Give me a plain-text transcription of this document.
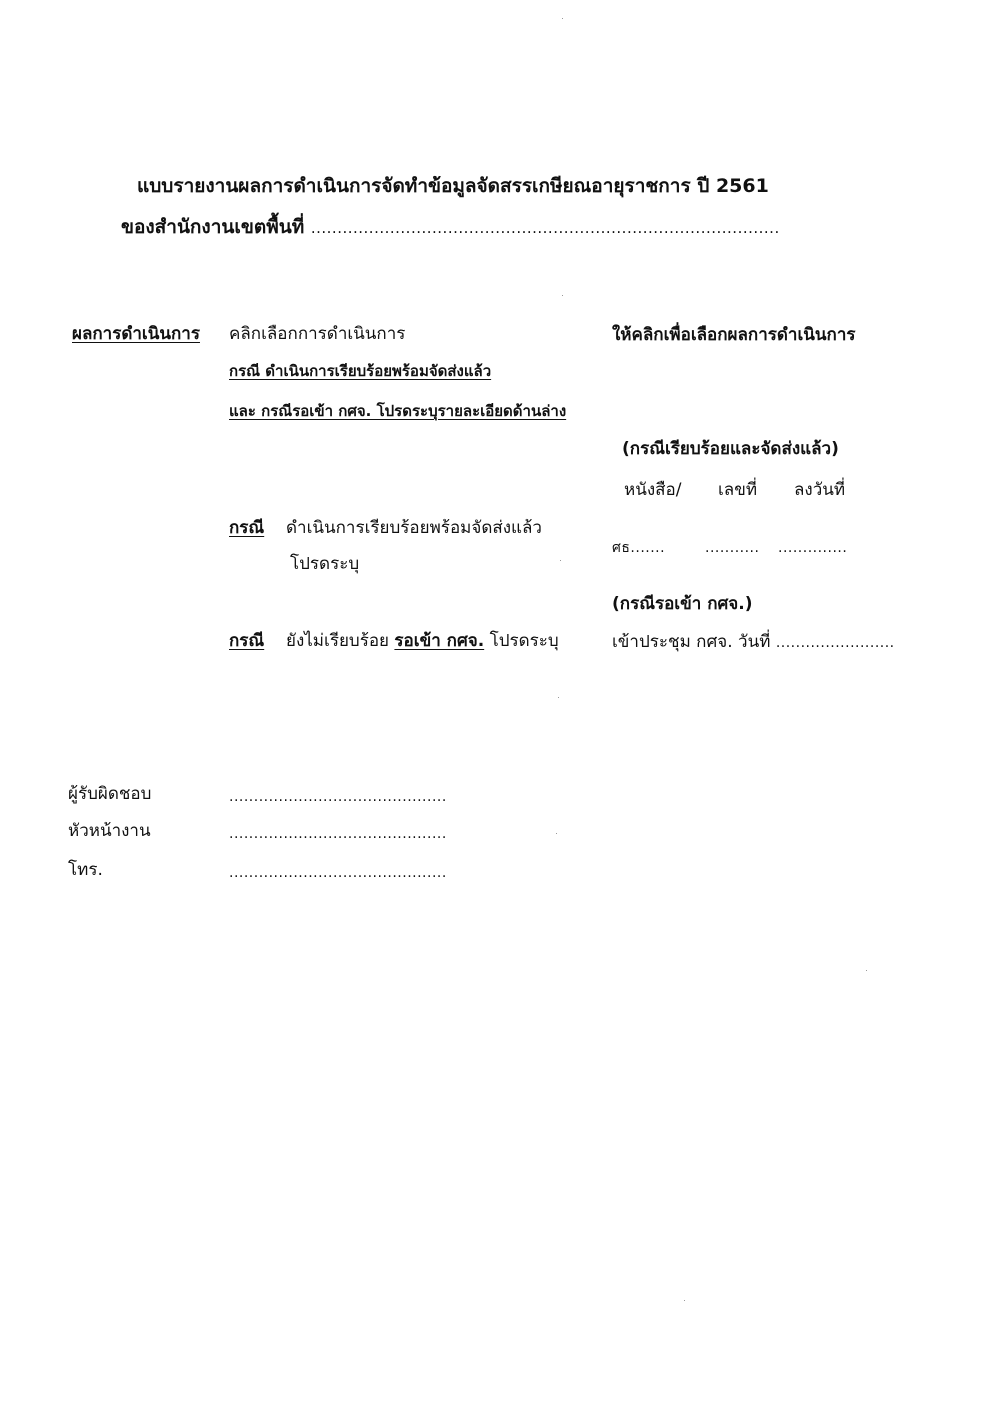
แบบรายงานผลการดำเนินการจัดทำข้อมูลจัดสรรเกษียณอายุราชการ ปี 2561
ของสำนักงานเขตพื้นที่ .........................................................................................
ผลการดำเนินการ คลิกเลือกการดำเนินการ	ให้คลิกเพื่อเลือกผลการดำเนินการ
กรณี ดำเนินการเรียบร้อยพร้อมจัดส่งแล้ว
และ กรณีรอเข้า กศจ. โปรดระบุรายละเอียดด้านล่าง
(กรณีเรียบร้อยและจัดส่งแล้ว)
หนังสือ/ เลขที่ ลงวันที่
กรณี ดำเนินการเรียบร้อยพร้อมจัดส่งแล้ว
โปรดระบุ
ศธ.......	........... ..............
(กรณีรอเข้า กศจ.)
กรณี ยังไม่เรียบร้อย รอเข้า กศจ. โปรดระบุ	เข้าประชุม กศจ. วันที่ ........................
ผู้รับผิดชอบ	............................................
หัวหน้างาน	............................................
โทร.	............................................
